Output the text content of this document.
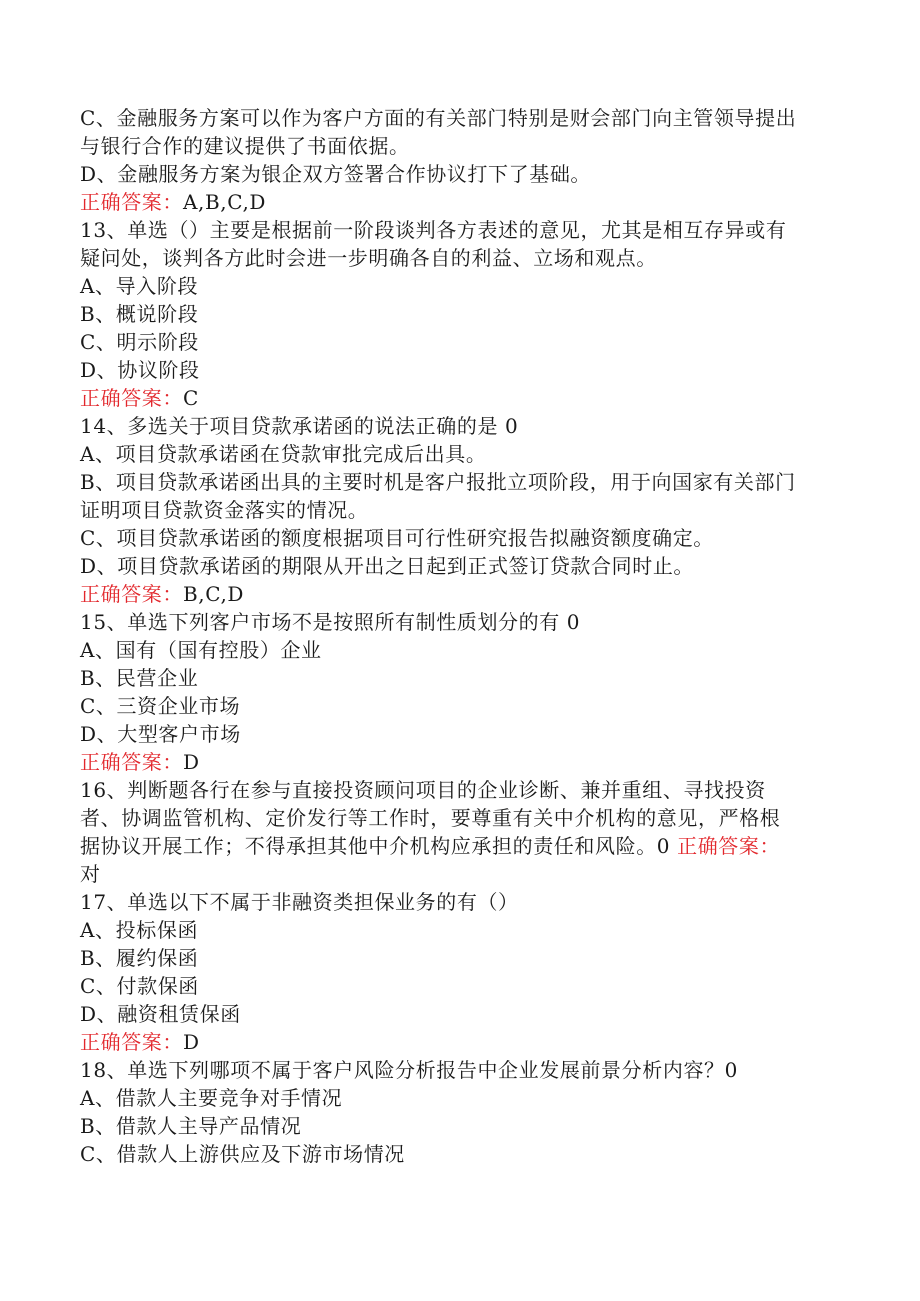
C、金融服务方案可以作为客户方面的有关部门特别是财会部门向主管领导提出
与银行合作的建议提供了书面依据。
D、金融服务方案为银企双方签署合作协议打下了基础。
正确答案：A,B,C,D
13、单选（）主要是根据前一阶段谈判各方表述的意见，尤其是相互存异或有
疑问处，谈判各方此时会进一步明确各自的利益、立场和观点。
A、导入阶段
B、概说阶段
C、明示阶段
D、协议阶段
正确答案：C
14、多选关于项目贷款承诺函的说法正确的是 0
A、项目贷款承诺函在贷款审批完成后出具。
B、项目贷款承诺函出具的主要时机是客户报批立项阶段，用于向国家有关部门
证明项目贷款资金落实的情况。
C、项目贷款承诺函的额度根据项目可行性研究报告拟融资额度确定。
D、项目贷款承诺函的期限从开出之日起到正式签订贷款合同时止。
正确答案：B,C,D
15、单选下列客户市场不是按照所有制性质划分的有 0
A、国有（国有控股）企业
B、民营企业
C、三资企业市场
D、大型客户市场
正确答案：D
16、判断题各行在参与直接投资顾问项目的企业诊断、兼并重组、寻找投资
者、协调监管机构、定价发行等工作时，要尊重有关中介机构的意见，严格根
据协议开展工作；不得承担其他中介机构应承担的责任和风险。0 正确答案：
对
17、单选以下不属于非融资类担保业务的有（）
A、投标保函
B、履约保函
C、付款保函
D、融资租赁保函
正确答案：D
18、单选下列哪项不属于客户风险分析报告中企业发展前景分析内容？0
A、借款人主要竞争对手情况
B、借款人主导产品情况
C、借款人上游供应及下游市场情况
